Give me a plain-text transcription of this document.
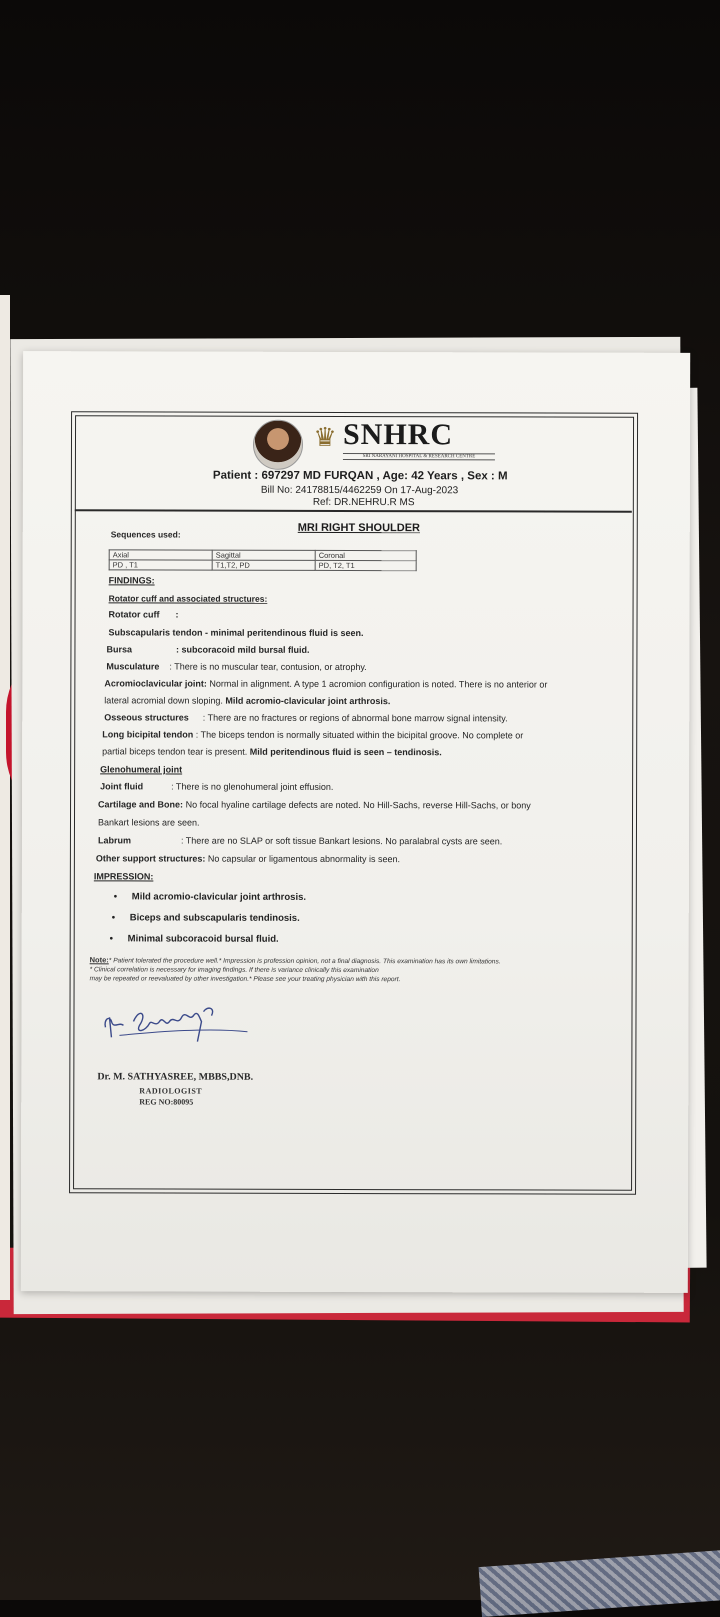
♛ SNHRC
SRI NARAYANI HOSPITAL & RESEARCH CENTRE
Patient : 697297 MD FURQAN , Age: 42 Years , Sex : M
Bill No: 24178815/4462259 On 17-Aug-2023
Ref: DR.NEHRU.R MS
MRI RIGHT SHOULDER
Sequences used:
Axial	Sagittal	Coronal
PD , T1	T1,T2, PD	PD, T2, T1
FINDINGS:
Rotator cuff and associated structures:
Rotator cuff :
Subscapularis tendon - minimal peritendinous fluid is seen.
Bursa	: subcoracoid mild bursal fluid.
Musculature : There is no muscular tear, contusion, or atrophy.
Acromioclavicular joint: Normal in alignment. A type 1 acromion configuration is noted. There is no anterior or
lateral acromial down sloping. Mild acromio-clavicular joint arthrosis.
Osseous structures : There are no fractures or regions of abnormal bone marrow signal intensity.
Long bicipital tendon : The biceps tendon is normally situated within the bicipital groove. No complete or
partial biceps tendon tear is present. Mild peritendinous fluid is seen – tendinosis.
Glenohumeral joint
Joint fluid	: There is no glenohumeral joint effusion.
Cartilage and Bone: No focal hyaline cartilage defects are noted. No Hill-Sachs, reverse Hill-Sachs, or bony
Bankart lesions are seen.
Labrum	: There are no SLAP or soft tissue Bankart lesions. No paralabral cysts are seen.
Other support structures: No capsular or ligamentous abnormality is seen.
IMPRESSION:
• Mild acromio-clavicular joint arthrosis.
• Biceps and subscapularis tendinosis.
• Minimal subcoracoid bursal fluid.
Note:* Patient tolerated the procedure well.* Impression is profession opinion, not a final diagnosis. This examination has its own limitations.
* Clinical correlation is necessary for imaging findings. If there is variance clinically this examination
may be repeated or reevaluated by other investigation.* Please see your treating physician with this report.
Dr. M. SATHYASREE, MBBS,DNB.
RADIOLOGIST
REG NO:80095
